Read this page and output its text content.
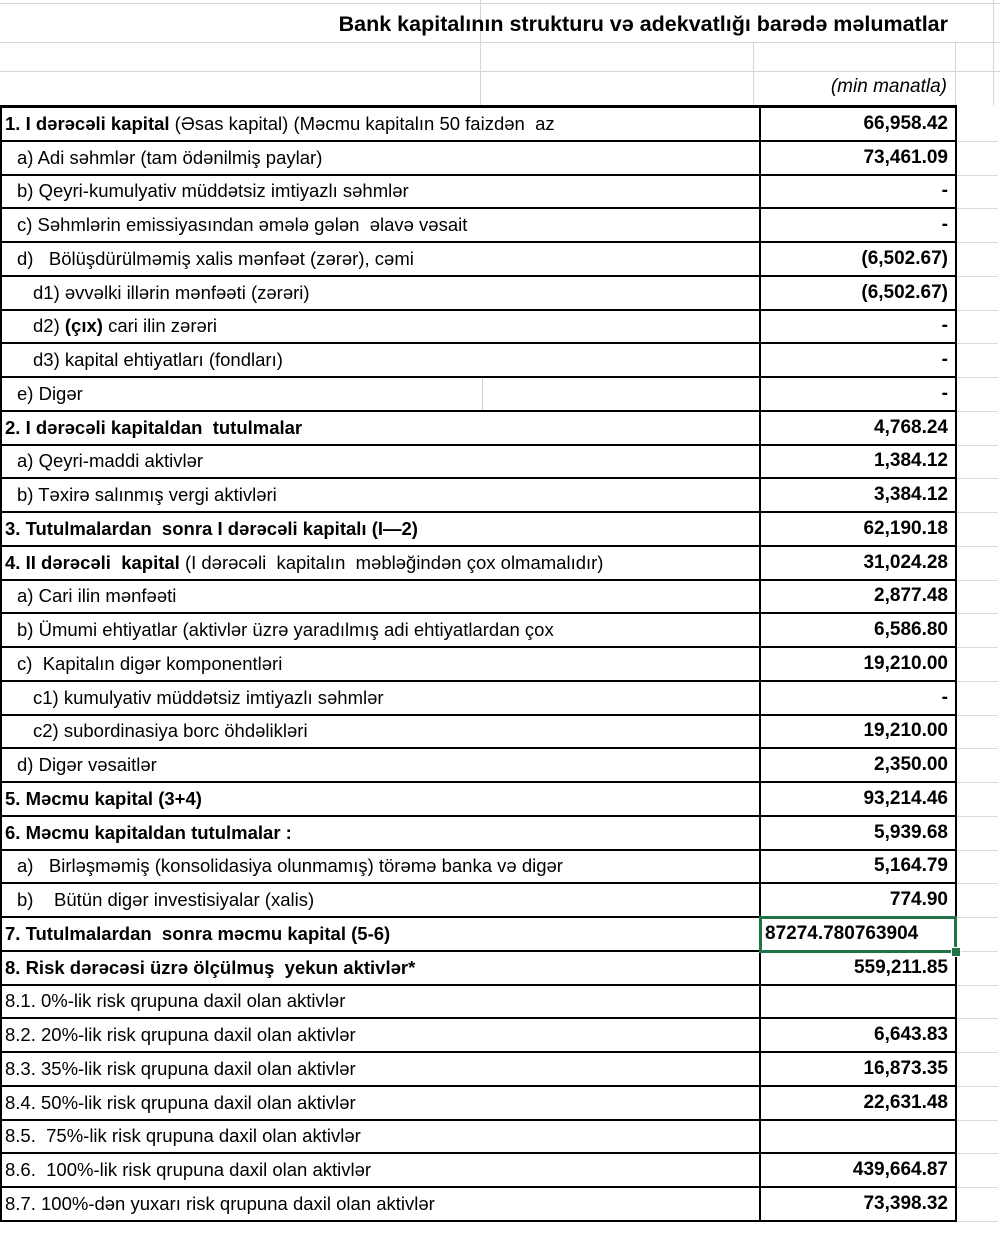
Bank kapitalının strukturu və adekvatlığı barədə məlumatlar
(min manatla)
1. I dərəcəli kapital (Əsas kapital) (Məcmu kapitalın 50 faizdən  az	66,958.42
a) Adi səhmlər (tam ödənilmiş paylar)	73,461.09
b) Qeyri-kumulyativ müddətsiz imtiyazlı səhmlər	-
c) Səhmlərin emissiyasından əmələ gələn  əlavə vəsait	-
d)   Bölüşdürülməmiş xalis mənfəət (zərər), cəmi	(6,502.67)
d1) əvvəlki illərin mənfəəti (zərəri)	(6,502.67)
d2) (çıx) cari ilin zərəri	-
d3) kapital ehtiyatları (fondları)	-
e) Digər	-
2. I dərəcəli kapitaldan  tutulmalar	4,768.24
a) Qeyri-maddi aktivlər	1,384.12
b) Təxirə salınmış vergi aktivləri	3,384.12
3. Tutulmalardan  sonra I dərəcəli kapitalı (I—2)	62,190.18
4. II dərəcəli  kapital (I dərəcəli  kapitalın  məbləğindən çox olmamalıdır)	31,024.28
a) Cari ilin mənfəəti	2,877.48
b) Ümumi ehtiyatlar (aktivlər üzrə yaradılmış adi ehtiyatlardan çox	6,586.80
c)  Kapitalın digər komponentləri	19,210.00
c1) kumulyativ müddətsiz imtiyazlı səhmlər	-
c2) subordinasiya borc öhdəlikləri	19,210.00
d) Digər vəsaitlər	2,350.00
5. Məcmu kapital (3+4)	93,214.46
6. Məcmu kapitaldan tutulmalar :	5,939.68
a)   Birləşməmiş (konsolidasiya olunmamış) törəmə banka və digər	5,164.79
b)    Bütün digər investisiyalar (xalis)	774.90
7. Tutulmalardan  sonra məcmu kapital (5-6)	87274.780763904
8. Risk dərəcəsi üzrə ölçülmuş  yekun aktivlər*	559,211.85
8.1. 0%-lik risk qrupuna daxil olan aktivlər
8.2. 20%-lik risk qrupuna daxil olan aktivlər	6,643.83
8.3. 35%-lik risk qrupuna daxil olan aktivlər	16,873.35
8.4. 50%-lik risk qrupuna daxil olan aktivlər	22,631.48
8.5.  75%-lik risk qrupuna daxil olan aktivlər
8.6.  100%-lik risk qrupuna daxil olan aktivlər	439,664.87
8.7. 100%-dən yuxarı risk qrupuna daxil olan aktivlər	73,398.32
